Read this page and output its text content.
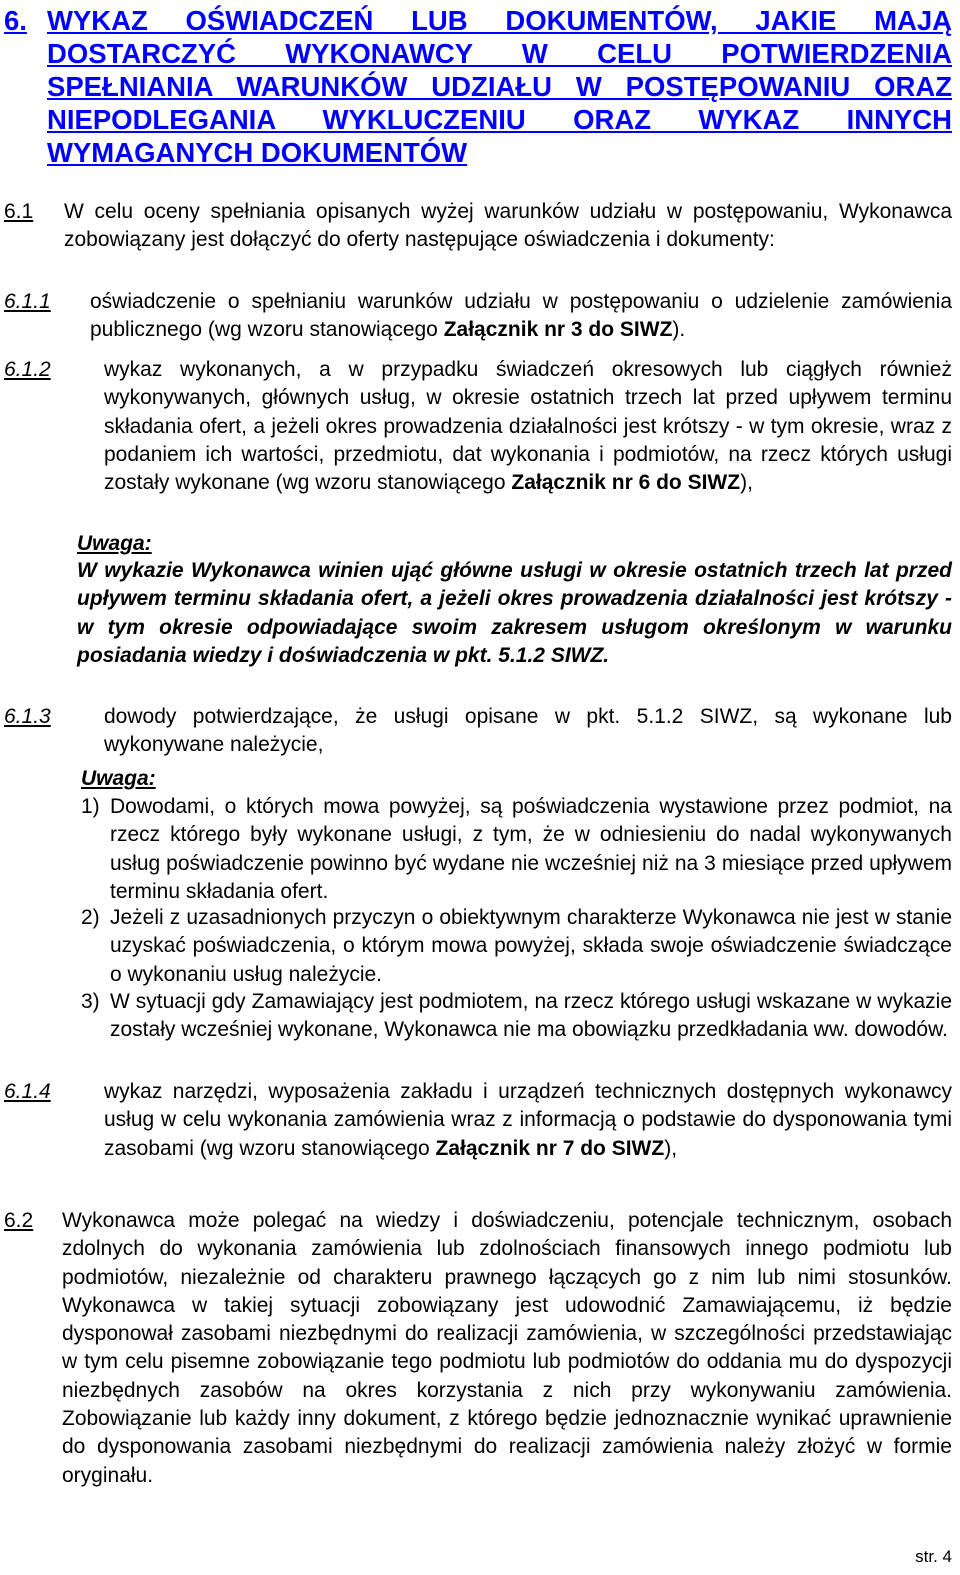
6. WYKAZ OŚWIADCZEŃ LUB DOKUMENTÓW, JAKIE MAJĄ
DOSTARCZYĆ WYKONAWCY W CELU POTWIERDZENIA
SPEŁNIANIA WARUNKÓW UDZIAŁU W POSTĘPOWANIU ORAZ
NIEPODLEGANIA WYKLUCZENIU ORAZ WYKAZ INNYCH
WYMAGANYCH DOKUMENTÓW
6.1 W celu oceny spełniania opisanych wyżej warunków udziału w postępowaniu, Wykonawca zobowiązany jest dołączyć do oferty następujące oświadczenia i dokumenty:
6.1.1 oświadczenie o spełnianiu warunków udziału w postępowaniu o udzielenie zamówienia publicznego (wg wzoru stanowiącego Załącznik nr 3 do SIWZ).
6.1.2	wykaz wykonanych, a w przypadku świadczeń okresowych lub ciągłych również wykonywanych, głównych usług, w okresie ostatnich trzech lat przed upływem terminu składania ofert, a jeżeli okres prowadzenia działalności jest krótszy - w tym okresie, wraz z podaniem ich wartości, przedmiotu, dat wykonania i podmiotów, na rzecz których usługi zostały wykonane (wg wzoru stanowiącego Załącznik nr 6 do SIWZ),
Uwaga:
W wykazie Wykonawca winien ująć główne usługi w okresie ostatnich trzech lat przed upływem terminu składania ofert, a jeżeli okres prowadzenia działalności jest krótszy - w tym okresie odpowiadające swoim zakresem usługom określonym w warunku posiadania wiedzy i doświadczenia w pkt. 5.1.2 SIWZ.
6.1.3	dowody potwierdzające, że usługi opisane w pkt. 5.1.2 SIWZ, są wykonane lub wykonywane należycie,
Uwaga:
1) Dowodami, o których mowa powyżej, są poświadczenia wystawione przez podmiot, na rzecz którego były wykonane usługi, z tym, że w odniesieniu do nadal wykonywanych usług poświadczenie powinno być wydane nie wcześniej niż na 3 miesiące przed upływem terminu składania ofert.
2) Jeżeli z uzasadnionych przyczyn o obiektywnym charakterze Wykonawca nie jest w stanie uzyskać poświadczenia, o którym mowa powyżej, składa swoje oświadczenie świadczące o wykonaniu usług należycie.
3) W sytuacji gdy Zamawiający jest podmiotem, na rzecz którego usługi wskazane w wykazie zostały wcześniej wykonane, Wykonawca nie ma obowiązku przedkładania ww. dowodów.
6.1.4	wykaz narzędzi, wyposażenia zakładu i urządzeń technicznych dostępnych wykonawcy usług w celu wykonania zamówienia wraz z informacją o podstawie do dysponowania tymi zasobami (wg wzoru stanowiącego Załącznik nr 7 do SIWZ),
6.2 Wykonawca może polegać na wiedzy i doświadczeniu, potencjale technicznym, osobach zdolnych do wykonania zamówienia lub zdolnościach finansowych innego podmiotu lub podmiotów, niezależnie od charakteru prawnego łączących go z nim lub nimi stosunków. Wykonawca w takiej sytuacji zobowiązany jest udowodnić Zamawiającemu, iż będzie dysponował zasobami niezbędnymi do realizacji zamówienia, w szczególności przedstawiając w tym celu pisemne zobowiązanie tego podmiotu lub podmiotów do oddania mu do dyspozycji niezbędnych zasobów na okres korzystania z nich przy wykonywaniu zamówienia. Zobowiązanie lub każdy inny dokument, z którego będzie jednoznacznie wynikać uprawnienie do dysponowania zasobami niezbędnymi do realizacji zamówienia należy złożyć w formie oryginału.
str. 4
